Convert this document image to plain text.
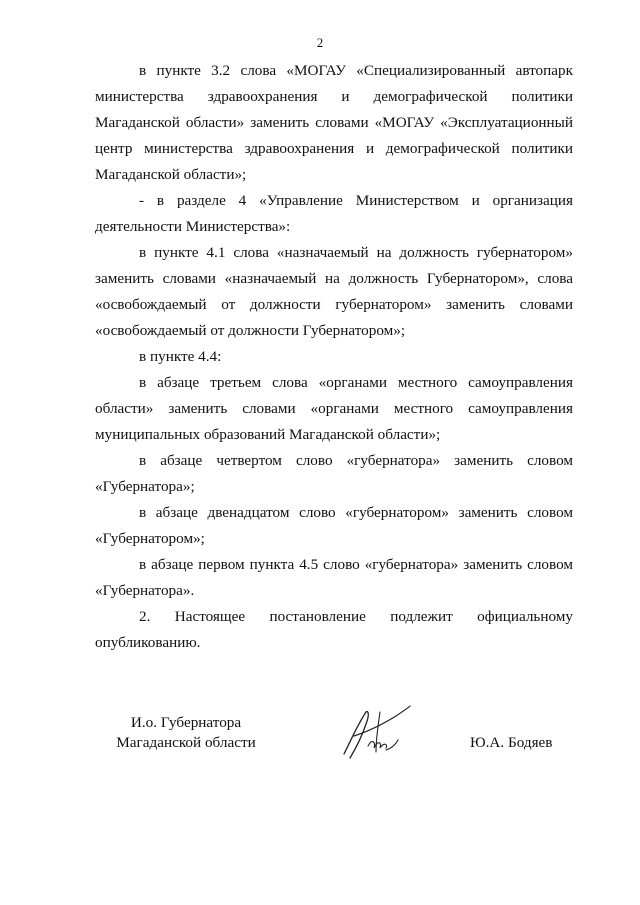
2

в пункте 3.2 слова «МОГАУ «Специализированный автопарк министерства здравоохранения и демографической политики Магаданской области» заменить словами «МОГАУ «Эксплуатационный центр министерства здравоохранения и демографической политики Магаданской области»;

- в разделе 4 «Управление Министерством и организация деятельности Министерства»:

в пункте 4.1 слова «назначаемый на должность губернатором» заменить словами «назначаемый на должность Губернатором», слова «освобождаемый от должности губернатором» заменить словами «освобождаемый от должности Губернатором»;

в пункте 4.4:

в абзаце третьем слова «органами местного самоуправления области» заменить словами «органами местного самоуправления муниципальных образований Магаданской области»;

в абзаце четвертом слово «губернатора» заменить словом «Губернатора»;

в абзаце двенадцатом слово «губернатором» заменить словом «Губернатором»;

в абзаце первом пункта 4.5 слово «губернатора» заменить словом «Губернатора».

2.     Настоящее     постановление     подлежит     официальному опубликованию.

И.о. Губернатора
Магаданской области	Ю.А. Бодяев
